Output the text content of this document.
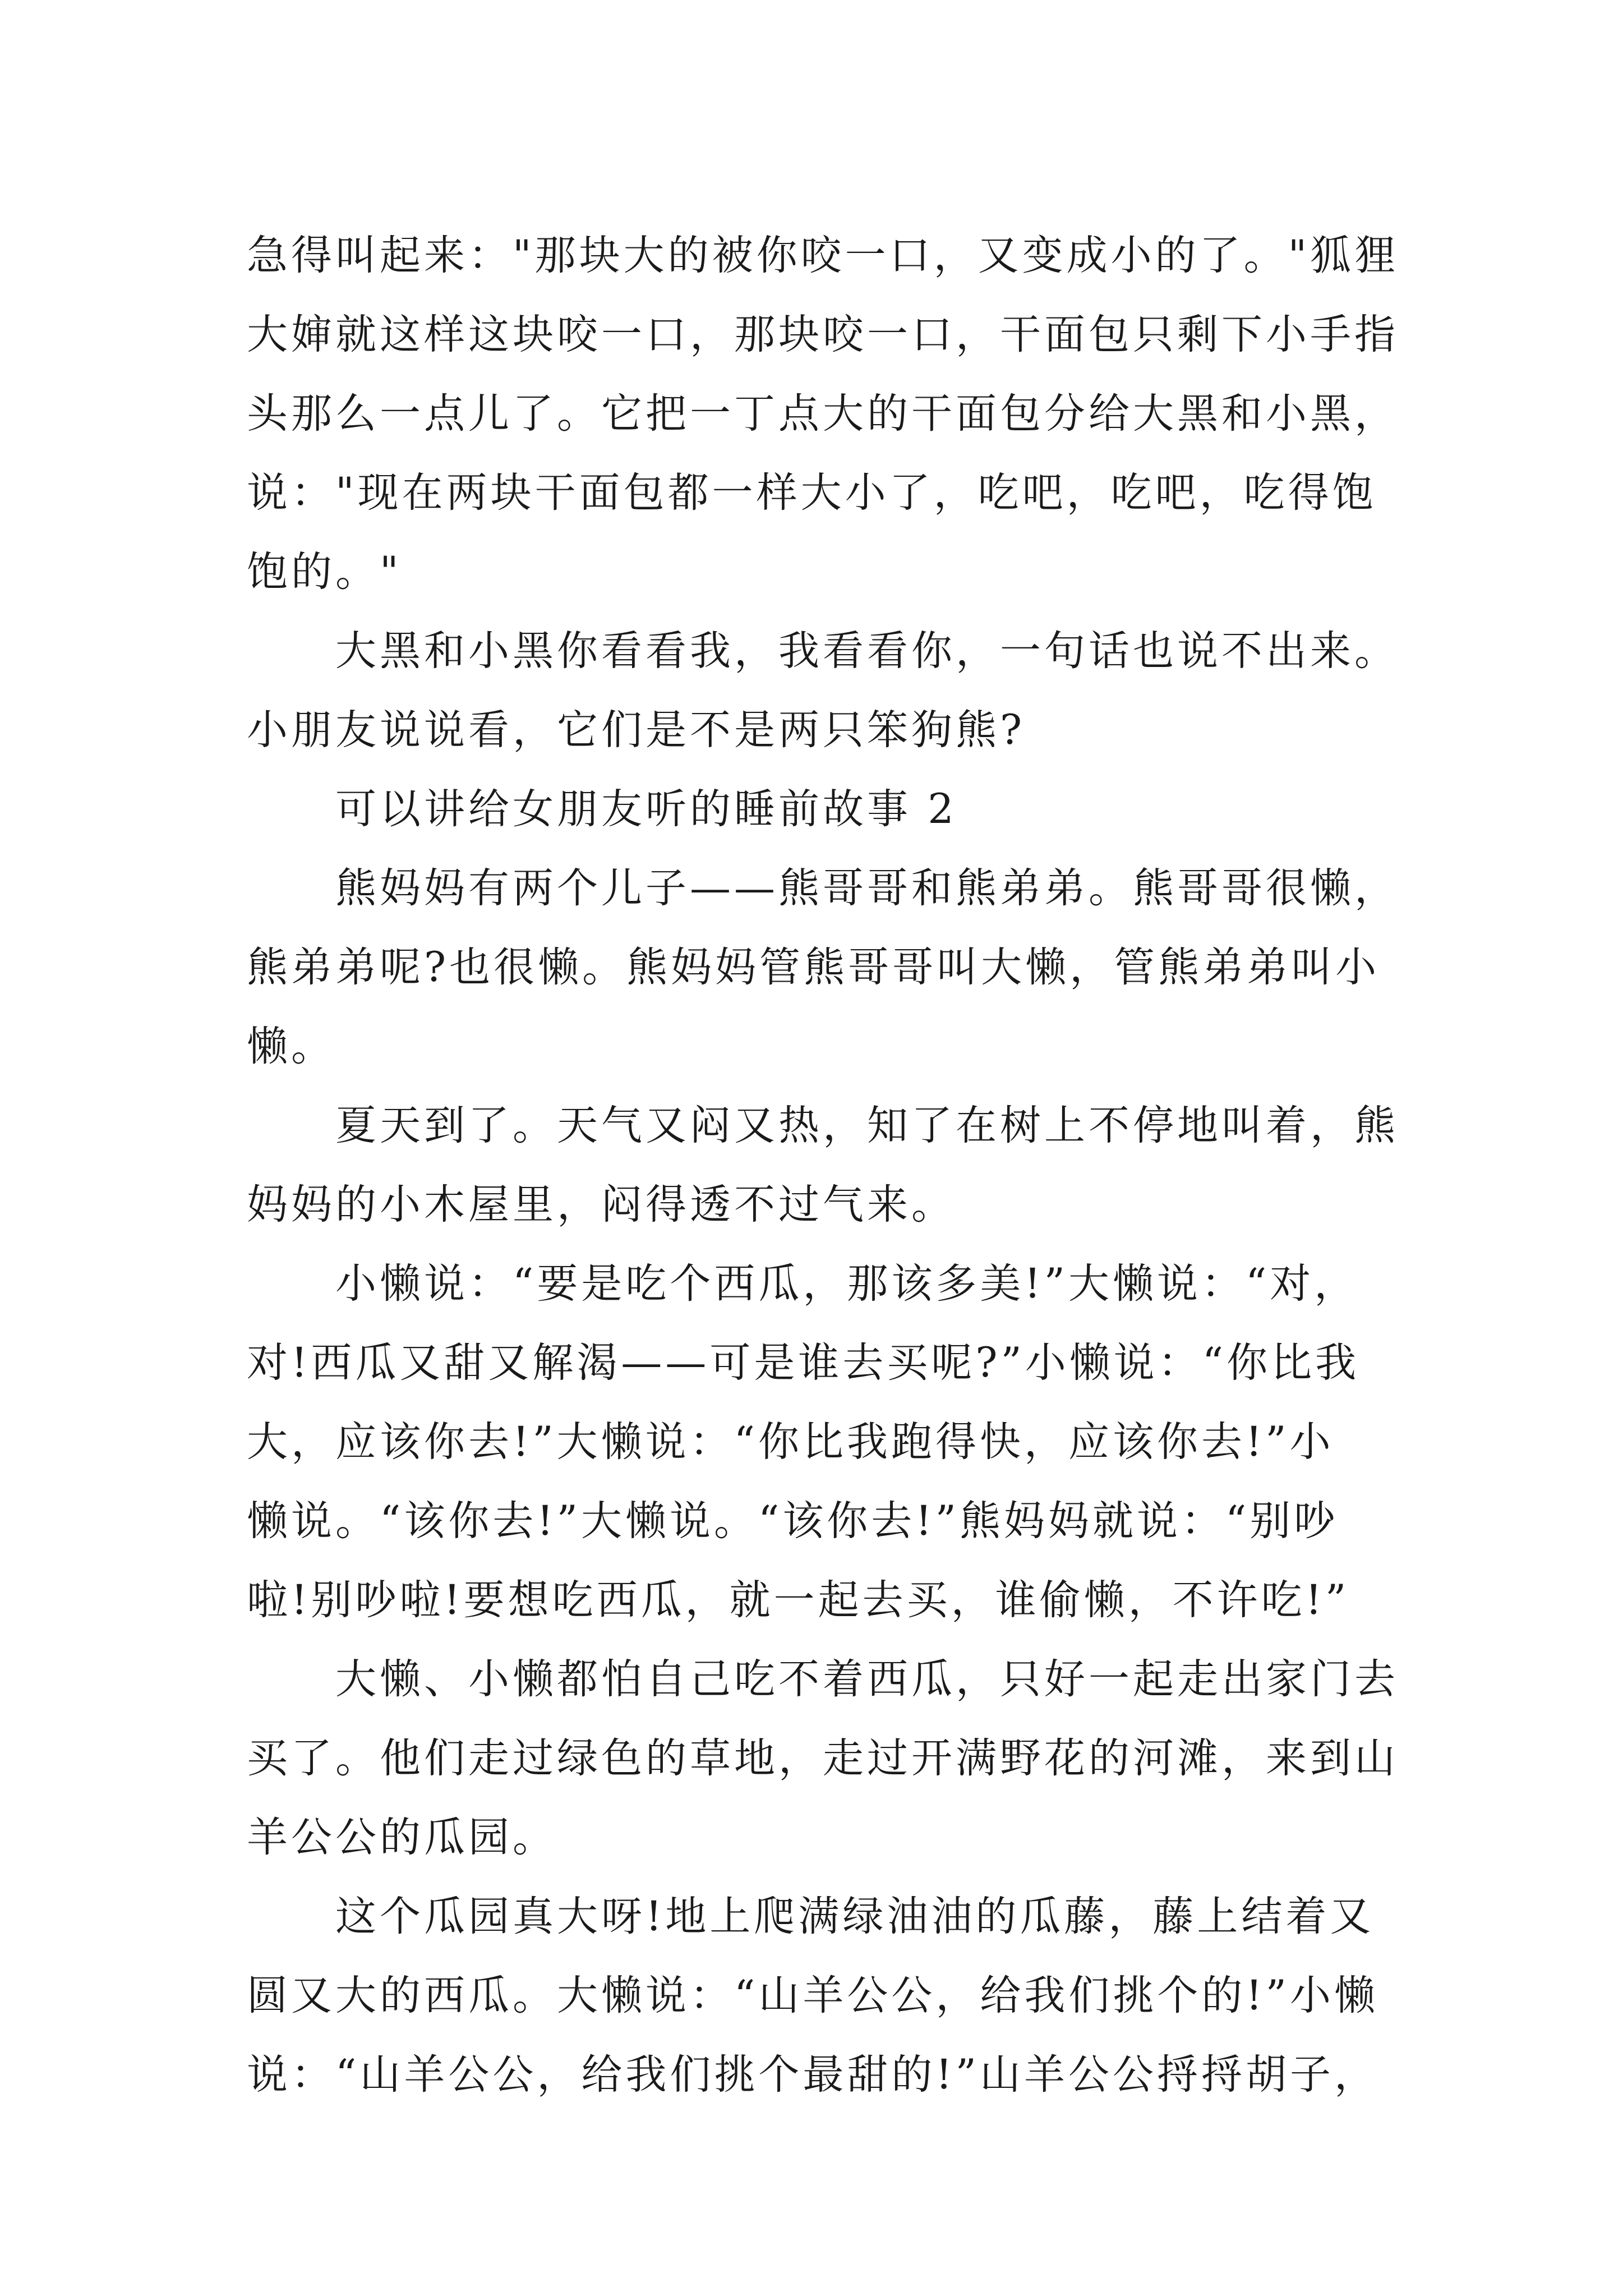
急得叫起来："那块大的被你咬一口，又变成小的了。"狐狸
大婶就这样这块咬一口，那块咬一口，干面包只剩下小手指
头那么一点儿了。它把一丁点大的干面包分给大黑和小黑，
说："现在两块干面包都一样大小了，吃吧，吃吧，吃得饱
饱的。"

大黑和小黑你看看我，我看看你，一句话也说不出来。
小朋友说说看，它们是不是两只笨狗熊?

可以讲给女朋友听的睡前故事 2

熊妈妈有两个儿子——熊哥哥和熊弟弟。熊哥哥很懒，
熊弟弟呢?也很懒。熊妈妈管熊哥哥叫大懒，管熊弟弟叫小
懒。

夏天到了。天气又闷又热，知了在树上不停地叫着，熊
妈妈的小木屋里，闷得透不过气来。

小懒说：“要是吃个西瓜，那该多美!”大懒说：“对，
对!西瓜又甜又解渴——可是谁去买呢?”小懒说：“你比我
大，应该你去!”大懒说：“你比我跑得快，应该你去!”小
懒说。“该你去!”大懒说。“该你去!”熊妈妈就说：“别吵
啦!别吵啦!要想吃西瓜，就一起去买，谁偷懒，不许吃!”

大懒、小懒都怕自己吃不着西瓜，只好一起走出家门去
买了。他们走过绿色的草地，走过开满野花的河滩，来到山
羊公公的瓜园。

这个瓜园真大呀!地上爬满绿油油的瓜藤，藤上结着又
圆又大的西瓜。大懒说：“山羊公公，给我们挑个的!”小懒
说：“山羊公公，给我们挑个最甜的!”山羊公公捋捋胡子，
